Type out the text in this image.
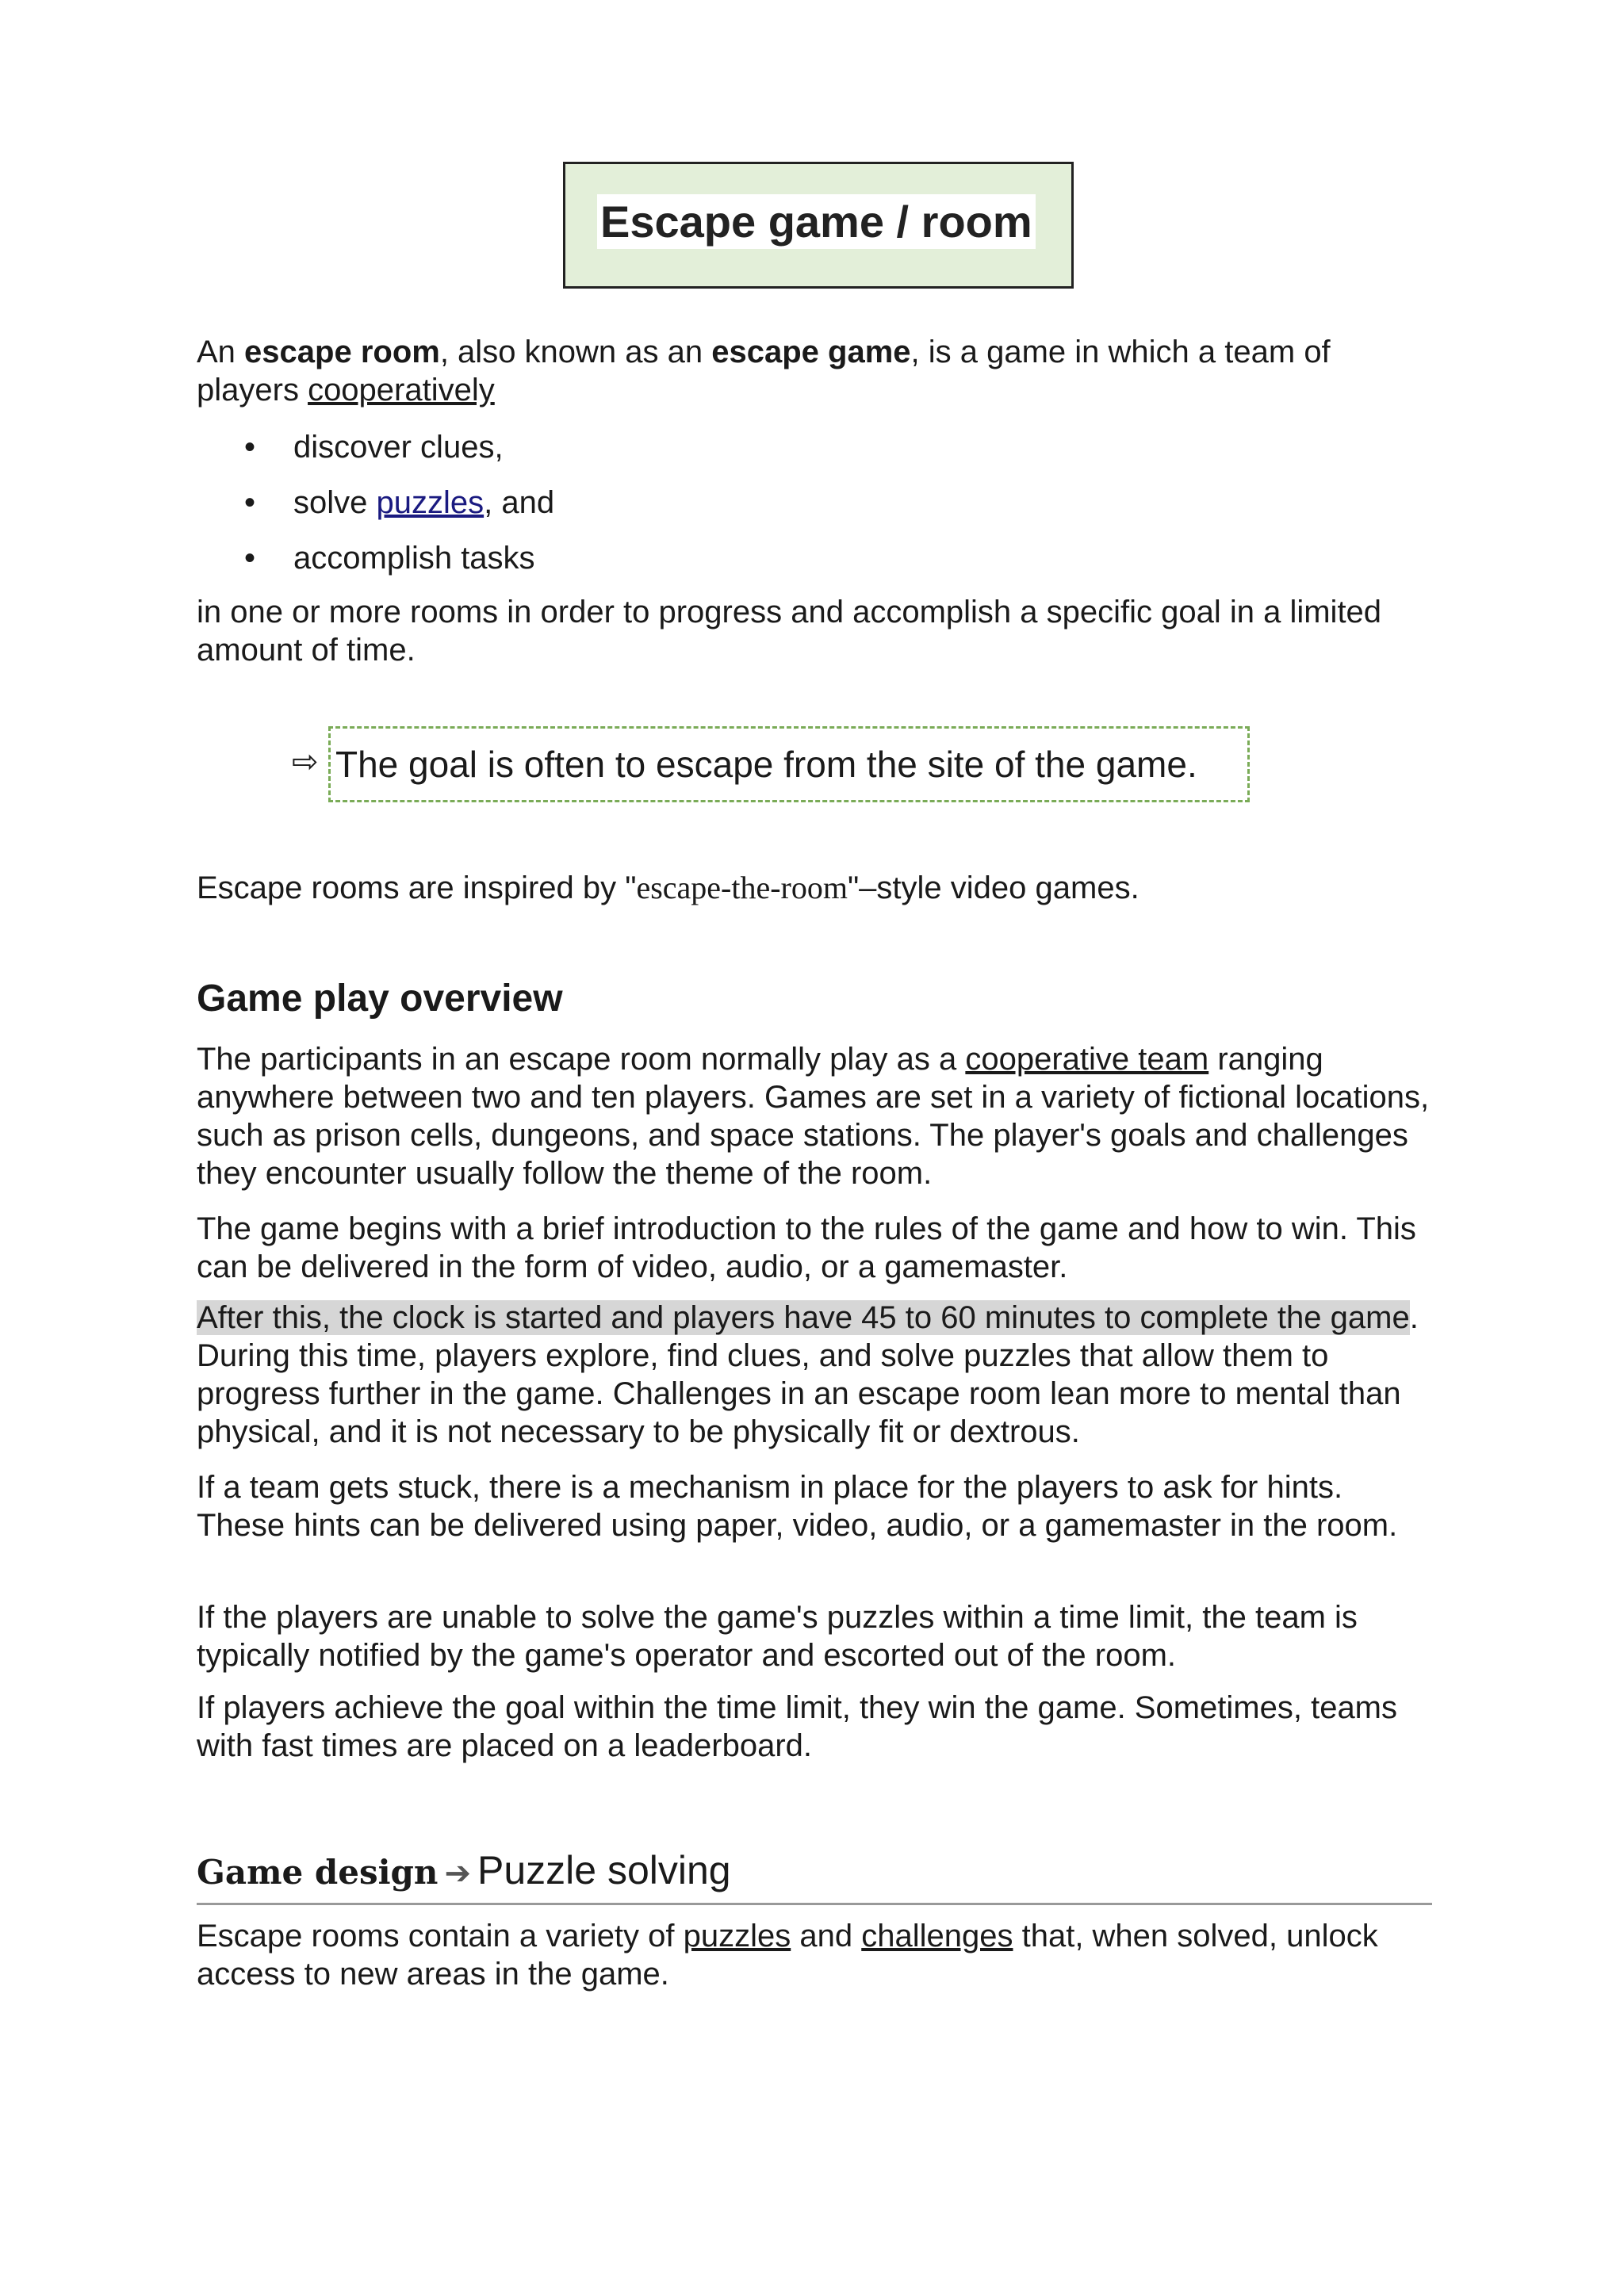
Escape game / room

An escape room, also known as an escape game, is a game in which a team of players cooperatively

• discover clues,
• solve puzzles, and
• accomplish tasks

in one or more rooms in order to progress and accomplish a specific goal in a limited amount of time.

⇨ The goal is often to escape from the site of the game.

Escape rooms are inspired by "escape-the-room"–style video games.

Game play overview

The participants in an escape room normally play as a cooperative team ranging anywhere between two and ten players. Games are set in a variety of fictional locations, such as prison cells, dungeons, and space stations. The player's goals and challenges they encounter usually follow the theme of the room.

The game begins with a brief introduction to the rules of the game and how to win. This can be delivered in the form of video, audio, or a gamemaster.

After this, the clock is started and players have 45 to 60 minutes to complete the game. During this time, players explore, find clues, and solve puzzles that allow them to progress further in the game. Challenges in an escape room lean more to mental than physical, and it is not necessary to be physically fit or dextrous.

If a team gets stuck, there is a mechanism in place for the players to ask for hints. These hints can be delivered using paper, video, audio, or a gamemaster in the room.

If the players are unable to solve the game's puzzles within a time limit, the team is typically notified by the game's operator and escorted out of the room.

If players achieve the goal within the time limit, they win the game. Sometimes, teams with fast times are placed on a leaderboard.

Game design ➔ Puzzle solving

Escape rooms contain a variety of puzzles and challenges that, when solved, unlock access to new areas in the game.
